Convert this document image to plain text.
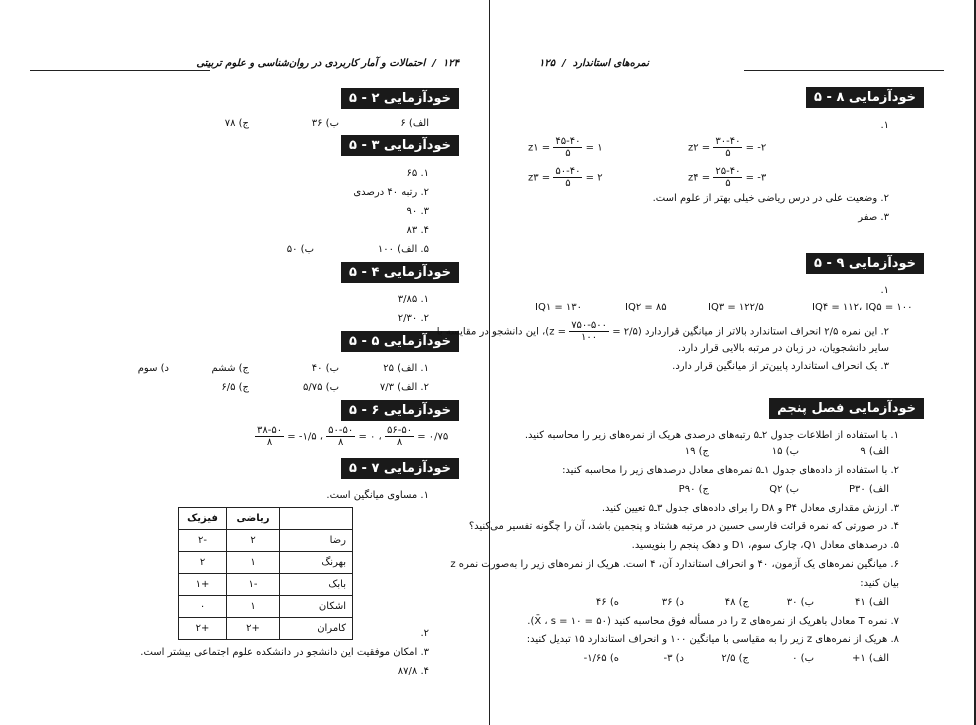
۱۲۴  /  احتمالات و آمار کاربردی در روان‌شناسی و علوم تربیتی
خودآزمایی ۲ - ۵
الف) ۶
ب) ۳۶
ج) ۷۸
خودآزمایی ۳ - ۵
۱. ۶۵
۲. رتبه ۴۰ درصدی
۳. ۹۰
۴. ۸۳
۵. الف) ۱۰۰
ب) ۵۰
خودآزمایی ۴ - ۵
۱. ۳/۸۵
۲. ۲/۳۰
خودآزمایی ۵ - ۵
۱. الف) ۲۵
ب) ۴۰
ج) ششم
د) سوم
۲. الف) ۷/۳
ب) ۵/۷۵
ج) ۶/۵
خودآزمایی ۶ - ۵
$\frac{۳۸-۵۰}{۸}$ = -۱/۵ ، $\frac{۵۰-۵۰}{۸}$ = ۰ ، $\frac{۵۶-۵۰}{۸}$ = ۰/۷۵
خودآزمایی ۷ - ۵
۱. مساوی میانگین است.
	ریاضی	فیزیک
رضا	۲	-۲
بهرنگ	۱	۲
بابک	-۱	+۱
اشکان	۱	۰
کامران	+۲	+۲	۲.
۳. امکان موفقیت این دانشجو در دانشکده علوم اجتماعی بیشتر است.
۴. ۸۷/۸
نمره‌های استاندارد  /  ۱۲۵
خودآزمایی ۸ - ۵
۱.
z۲ = $\frac{۳۰-۴۰}{۵}$ = -۲
z۱ = $\frac{۴۵-۴۰}{۵}$ = ۱
z۴ = $\frac{۲۵-۴۰}{۵}$ = -۳
z۳ = $\frac{۵۰-۴۰}{۵}$ = ۲
۲. وضعیت علی در درس ریاضی خیلی بهتر از علوم است.
۳. صفر
خودآزمایی ۹ - ۵
۱.
IQ۴ = ۱۱۲، IQ۵ = ۱۰۰
IQ۳ = ۱۲۲/۵
IQ۲ = ۸۵
IQ۱ = ۱۳۰
۲. این نمره ۲/۵ انحراف استاندارد بالاتر از میانگین قراردارد (۲/۵ =
$\frac{۷۵۰-۵۰۰}{۱۰۰}$
= z)، این دانشجو در مقایسه با
سایر دانشجویان، در زبان در مرتبه بالایی قرار دارد.
۳. یک انحراف استاندارد پایین‌تر از میانگین قرار دارد.
خودآزمایی فصل پنجم
۱. با استفاده از اطلاعات جدول ۲ـ۵ رتبه‌های درصدی هریک از نمره‌های زیر را محاسبه کنید.
الف) ۹
ب) ۱۵
ج) ۱۹
۲. با استفاده از داده‌های جدول ۱ـ۵ نمره‌های معادل درصدهای زیر را محاسبه کنید:
الف) P۳۰
ب) Q۲
ج) P۹۰
۳. ارزش مقداری معادل P۴ و D۸ را برای داده‌های جدول ۳ـ۵ تعیین کنید.
۴. در صورتی که نمره قرائت فارسی حسین در مرتبه هشتاد و پنجمین باشد، آن را چگونه تفسیر می‌کنید؟
۵. درصدهای معادل Q۱، چارک سوم، D۱ و دهک پنجم را بنویسید.
۶. میانگین نمره‌های یک آزمون، ۴۰ و انحراف استاندارد آن، ۴ است. هریک از نمره‌های زیر را به‌صورت نمره z
بیان کنید:
الف) ۴۱
ب) ۳۰
ج) ۴۸
د) ۳۶
ه) ۴۶
۷. نمره T معادل باهریک از نمره‌های z را در مسأله فوق محاسبه کنید (۵۰ = X̄ ، s = ۱۰).
۸. هریک از نمره‌های z زیر را به مقیاسی با میانگین ۱۰۰ و انحراف استاندارد ۱۵ تبدیل کنید:
الف) ۱+
ب) ۰
ج) ۲/۵
د) ۳-
ه) ۱/۶۵-
